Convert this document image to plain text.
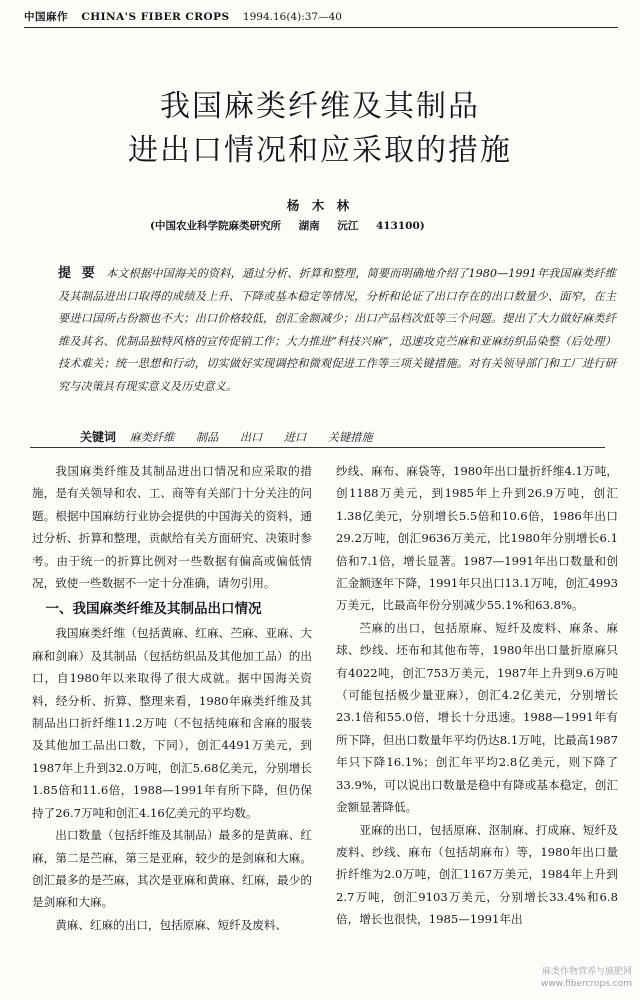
中国麻作 CHINA'S FIBER CROPS 1994.16(4):37—40
我国麻类纤维及其制品
进出口情况和应采取的措施
杨 木 林
(中国农业科学院麻类研究所 湖南 沅江 413100)
提 要 本文根据中国海关的资料，通过分析、折算和整理，简要而明确地介绍了1980—1991年我国麻类纤维及其制品进出口取得的成绩及上升、下降或基本稳定等情况，分析和论证了出口存在的出口数量少、面窄，在主要进口国所占份额也不大；出口价格较低，创汇金额减少；出口产品档次低等三个问题。提出了大力做好麻类纤维及其名、优制品独特风格的宣传促销工作；大力推进“科技兴麻”，迅速攻克苎麻和亚麻纺织品染整（后处理）技术难关；统一思想和行动，切实做好实现调控和微观促进工作等三项关键措施。对有关领导部门和工厂进行研究与决策具有现实意义及历史意义。
关键词 麻类纤维 制品 出口 进口 关键措施

我国麻类纤维及其制品进出口情况和应采取的措施，是有关领导和农、工、商等有关部门十分关注的问题。根据中国麻纺行业协会提供的中国海关的资料，通过分析、折算和整理，贡献给有关方面研究、决策时参考。由于统一的折算比例对一些数据有偏高或偏低情况，致使一些数据不一定十分准确，请勿引用。

一、我国麻类纤维及其制品出口情况

我国麻类纤维（包括黄麻、红麻、苎麻、亚麻、大麻和剑麻）及其制品（包括纺织品及其他加工品）的出口，自1980年以来取得了很大成就。据中国海关资料，经分析、折算、整理来看，1980年麻类纤维及其制品出口折纤维11.2万吨（不包括纯麻和含麻的服装及其他加工品出口数，下同），创汇4491万美元，到1987年上升到32.0万吨，创汇5.68亿美元，分别增长1.85倍和11.6倍，1988—1991年有所下降，但仍保持了26.7万吨和创汇4.16亿美元的平均数。

出口数量（包括纤维及其制品）最多的是黄麻、红麻，第二是苎麻，第三是亚麻，较少的是剑麻和大麻。创汇最多的是苎麻，其次是亚麻和黄麻、红麻，最少的是剑麻和大麻。

黄麻、红麻的出口，包括原麻、短纤及废料、

纱线、麻布、麻袋等，1980年出口量折纤维4.1万吨，创1188万美元，到1985年上升到26.9万吨，创汇1.38亿美元，分别增长5.5倍和10.6倍，1986年出口29.2万吨，创汇9636万美元，比1980年分别增长6.1倍和7.1倍，增长显著。1987—1991年出口数量和创汇金额逐年下降，1991年只出口13.1万吨，创汇4993万美元，比最高年份分别减少55.1%和63.8%。

苎麻的出口，包括原麻、短纤及废料、麻条、麻球、纱线、坯布和其他布等，1980年出口量折原麻只有4022吨，创汇753万美元，1987年上升到9.6万吨（可能包括极少量亚麻），创汇4.2亿美元，分别增长23.1倍和55.0倍，增长十分迅速。1988—1991年有所下降，但出口数量年平均仍达8.1万吨，比最高1987年只下降16.1%；创汇年平均2.8亿美元，则下降了33.9%，可以说出口数量是稳中有降或基本稳定，创汇金额显著降低。

亚麻的出口，包括原麻、沤制麻、打成麻、短纤及废料、纱线、麻布（包括胡麻布）等，1980年出口量折纤维为2.0万吨，创汇1167万美元，1984年上升到2.7万吨，创汇9103万美元，分别增长33.4%和6.8倍，增长也很快，1985—1991年出

麻类作物营养与施肥网
www.fibercrops.com
